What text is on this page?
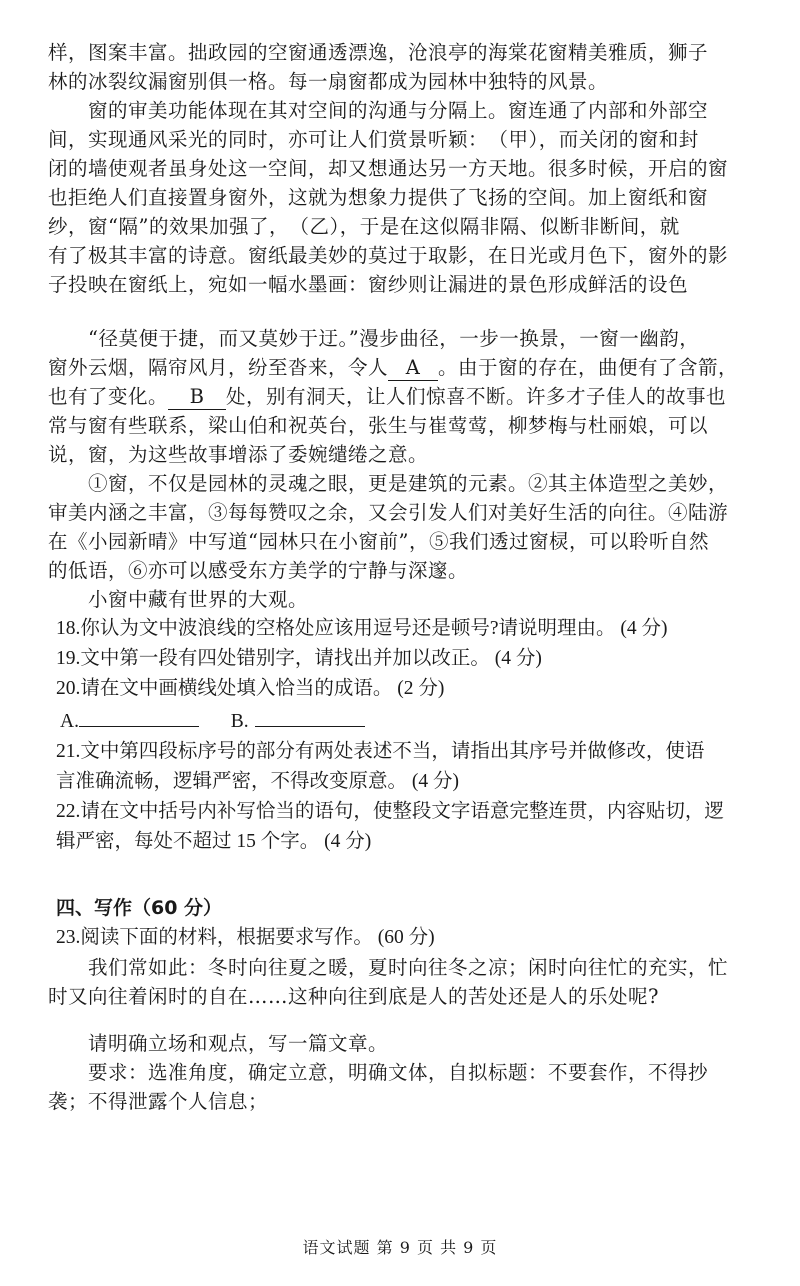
样，图案丰富。拙政园的空窗通透漂逸，沧浪亭的海棠花窗精美雅质，狮子
林的冰裂纹漏窗别俱一格。每一扇窗都成为园林中独特的风景。
窗的审美功能体现在其对空间的沟通与分隔上。窗连通了内部和外部空
间，实现通风采光的同时，亦可让人们赏景听颖：　（甲），而关闭的窗和封
闭的墙使观者虽身处这一空间，却又想通达另一方天地。很多时候，开启的窗
也拒绝人们直接置身窗外，这就为想象力提供了飞扬的空间。加上窗纸和窗
纱，窗“隔”的效果加强了，　（乙），于是在这似隔非隔、似断非断间，就
有了极其丰富的诗意。窗纸最美妙的莫过于取影，在日光或月色下，窗外的影
子投映在窗纸上，宛如一幅水墨画：窗纱则让漏进的景色形成鲜活的设色
“径莫便于捷，而又莫妙于迂。”漫步曲径，一步一换景，一窗一幽韵，
窗外云烟，隔帘风月，纷至沓来，令人 A 。由于窗的存在，曲便有了含箭，
也有了变化。 B 处，别有洞天，让人们惊喜不断。许多才子佳人的故事也
常与窗有些联系，梁山伯和祝英台，张生与崔莺莺，柳梦梅与杜丽娘，可以
说，窗，为这些故事增添了委婉缱绻之意。
①窗，不仅是园林的灵魂之眼，更是建筑的元素。②其主体造型之美妙，
审美内涵之丰富，③每每赞叹之余，又会引发人们对美好生活的向往。④陆游
在《小园新晴》中写道“园林只在小窗前”，⑤我们透过窗棂，可以聆听自然
的低语，⑥亦可以感受东方美学的宁静与深邃。
小窗中藏有世界的大观。
18.你认为文中波浪线的空格处应该用逗号还是顿号?请说明理由。 (4 分)
19.文中第一段有四处错别字，请找出并加以改正。 (4 分)
20.请在文中画横线处填入恰当的成语。 (2 分)
A.	B.
21.文中第四段标序号的部分有两处表述不当，请指出其序号并做修改，使语
言准确流畅，逻辑严密，不得改变原意。 (4 分)
22.请在文中括号内补写恰当的语句，使整段文字语意完整连贯，内容贴切，逻
辑严密，每处不超过 15 个字。 (4 分)
四、写作（60 分）
23.阅读下面的材料，根据要求写作。 (60 分)
我们常如此：冬时向往夏之暖，夏时向往冬之凉；闲时向往忙的充实，忙
时又向往着闲时的自在……这种向往到底是人的苦处还是人的乐处呢?
请明确立场和观点，写一篇文章。
要求：选准角度，确定立意，明确文体，自拟标题：不要套作，不得抄
袭；不得泄露个人信息；
语文试题 第 9 页 共 9 页
